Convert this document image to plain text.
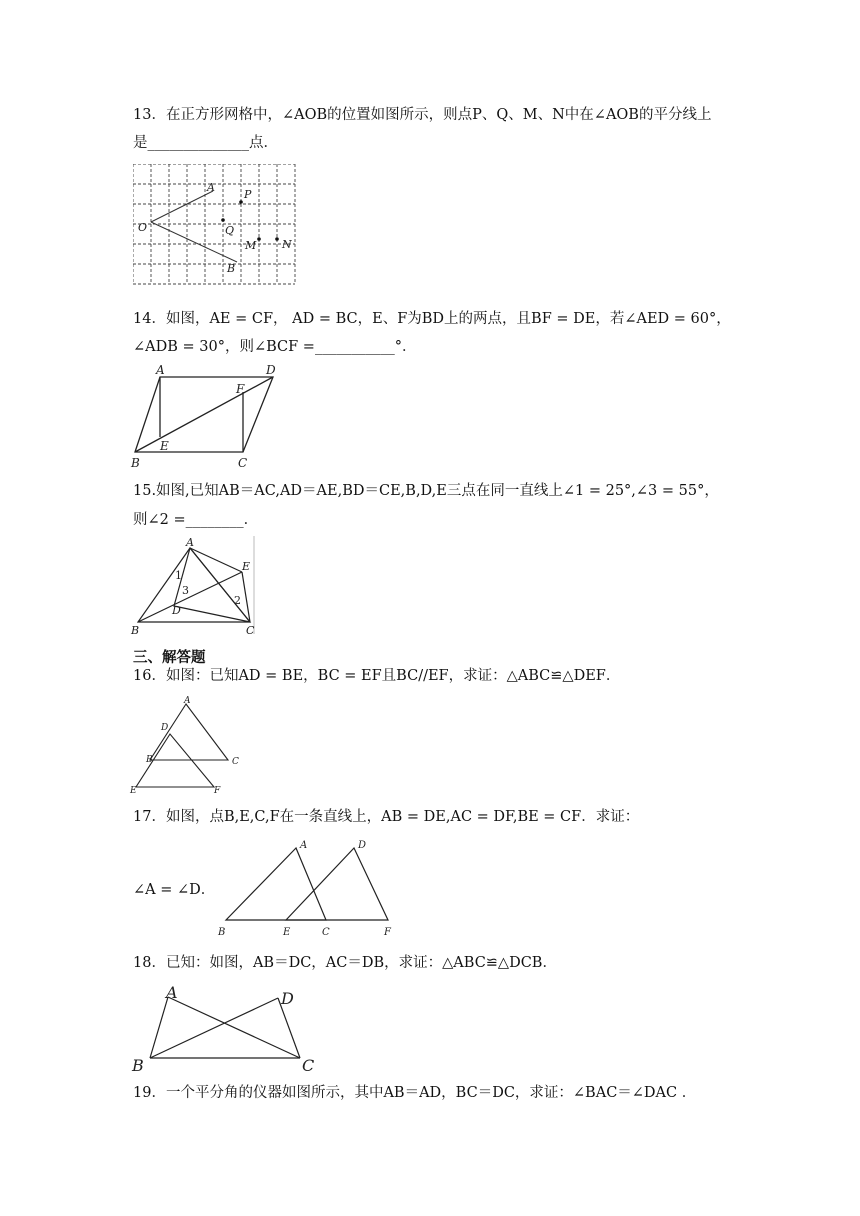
13．在正方形网格中，∠AOB的位置如图所示，则点P、Q、M、N中在∠AOB的平分线上
是______________点．
A
P
O	Q
M N
B
14．如图，AE = CF， AD = BC，E、F为BD上的两点，且BF = DE，若∠AED = 60°，
∠ADB = 30°，则∠BCF =___________°．
A	D
F
E
B	C
15.如图,已知AB＝AC,AD＝AE,BD＝CE,B,D,E三点在同一直线上∠1 = 25°,∠3 = 55°，
则∠2 =________．
A
E
1
3
D
2
B	C
三、解答题
16．如图：已知AD = BE，BC = EF且BC//EF，求证：△ABC≌△DEF．
A
D
B	C
E	F
17．如图，点B,E,C,F在一条直线上，AB = DE,AC = DF,BE = CF．求证：
∠A = ∠D．
A	D
B	E	C	F
18．已知：如图，AB＝DC，AC＝DB，求证：△ABC≌△DCB．
A	D
B	C
19．一个平分角的仪器如图所示，其中AB＝AD，BC＝DC，求证：∠BAC＝∠DAC ．
